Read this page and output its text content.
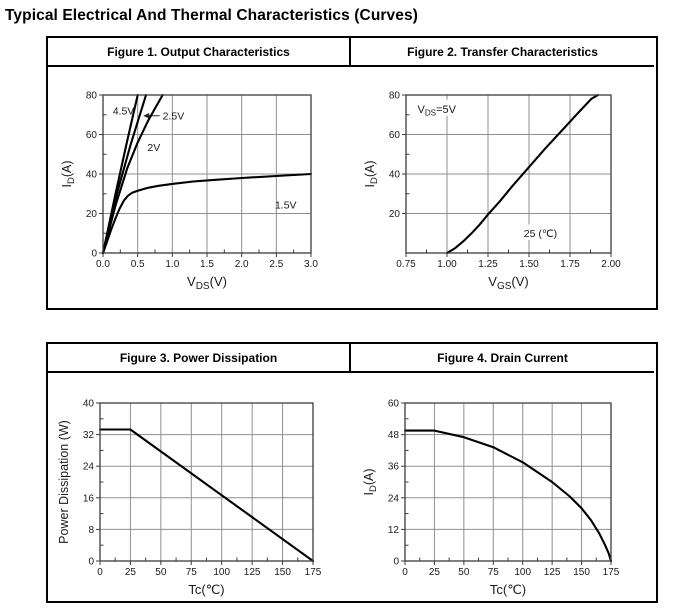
Typical Electrical And Thermal Characteristics (Curves)
Figure 1. Output Characteristics
4.5V	2.5V
2V
1.5V
0.0 0.5 1.0 1.5 2.0 2.5 3.0
0
20
40
60
80
VDS(V)
ID(A)
Figure 2. Transfer Characteristics
VDS=5V
25 (℃)
0.75 1.00 1.25 1.50 1.75 2.00
20
40
60
80
VGS(V)
ID(A)
Figure 3. Power Dissipation
0 25 50 75 100 125 150 175
0
8
16
24
32
40
Tc(℃)
Power Dissipation (W)
Figure 4. Drain Current
0 25 50 75 100 125 150 175
0
12
24
36
48
60
Tc(℃)
ID(A)
